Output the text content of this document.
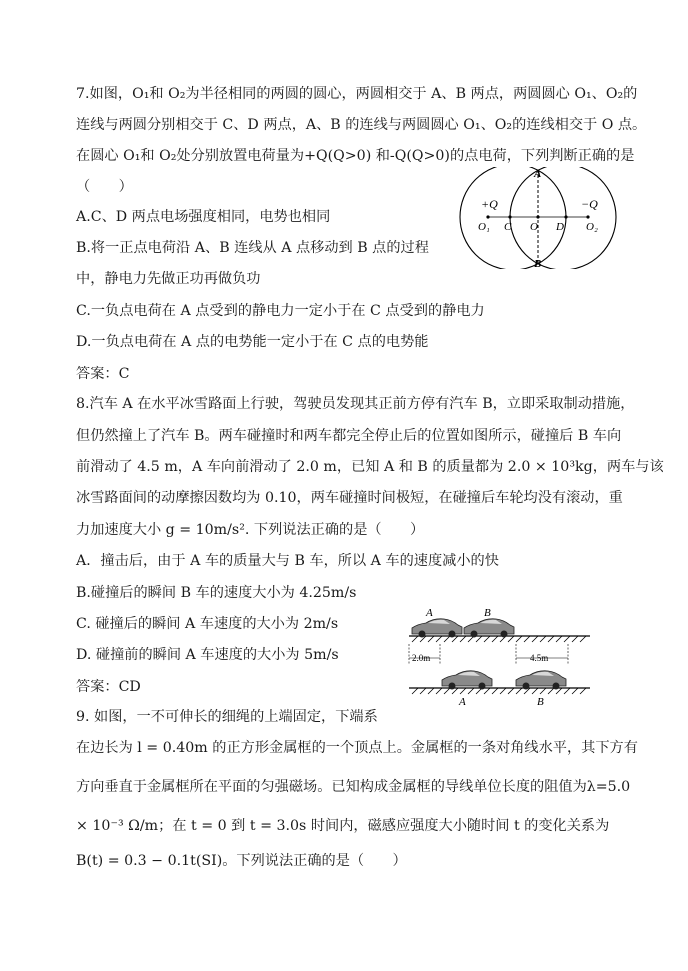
7.如图，O₁和 O₂为半径相同的两圆的圆心，两圆相交于 A、B 两点，两圆圆心 O₁、O₂的
连线与两圆分别相交于 C、D 两点，A、B 的连线与两圆圆心 O₁、O₂的连线相交于 O 点。
在圆心 O₁和 O₂处分别放置电荷量为+Q(Q>0) 和-Q(Q>0)的点电荷，下列判断正确的是
（　　）
A.C、D 两点电场强度相同，电势也相同
B.将一正点电荷沿 A、B 连线从 A 点移动到 B 点的过程
中，静电力先做正功再做负功
C.一负点电荷在 A 点受到的静电力一定小于在 C 点受到的静电力
D.一负点电荷在 A 点的电势能一定小于在 C 点的电势能
答案：C
+Q	−Q
A
B
O₁ C O D O₂
8.汽车 A 在水平冰雪路面上行驶，驾驶员发现其正前方停有汽车 B，立即采取制动措施，
但仍然撞上了汽车 B。两车碰撞时和两车都完全停止后的位置如图所示，碰撞后 B 车向
前滑动了 4.5 m，A 车向前滑动了 2.0 m，已知 A 和 B 的质量都为 2.0 × 10³kg，两车与该
冰雪路面间的动摩擦因数均为 0.10，两车碰撞时间极短，在碰撞后车轮均没有滚动，重
力加速度大小 g = 10m/s². 下列说法正确的是（　　）
A．撞击后，由于 A 车的质量大与 B 车，所以 A 车的速度减小的快
B.碰撞后的瞬间 B 车的速度大小为 4.25m/s
C. 碰撞后的瞬间 A 车速度的大小为 2m/s
D. 碰撞前的瞬间 A 车速度的大小为 5m/s
答案：CD
A	B
2.0m	4.5m
A	B
9. 如图，一不可伸长的细绳的上端固定，下端系
在边长为 l = 0.40m 的正方形金属框的一个顶点上。金属框的一条对角线水平，其下方有
方向垂直于金属框所在平面的匀强磁场。已知构成金属框的导线单位长度的阻值为λ=5.0
× 10⁻³ Ω/m；在 t = 0 到 t = 3.0s 时间内，磁感应强度大小随时间 t 的变化关系为
B(t) = 0.3 − 0.1t(SI)。下列说法正确的是（　　）
